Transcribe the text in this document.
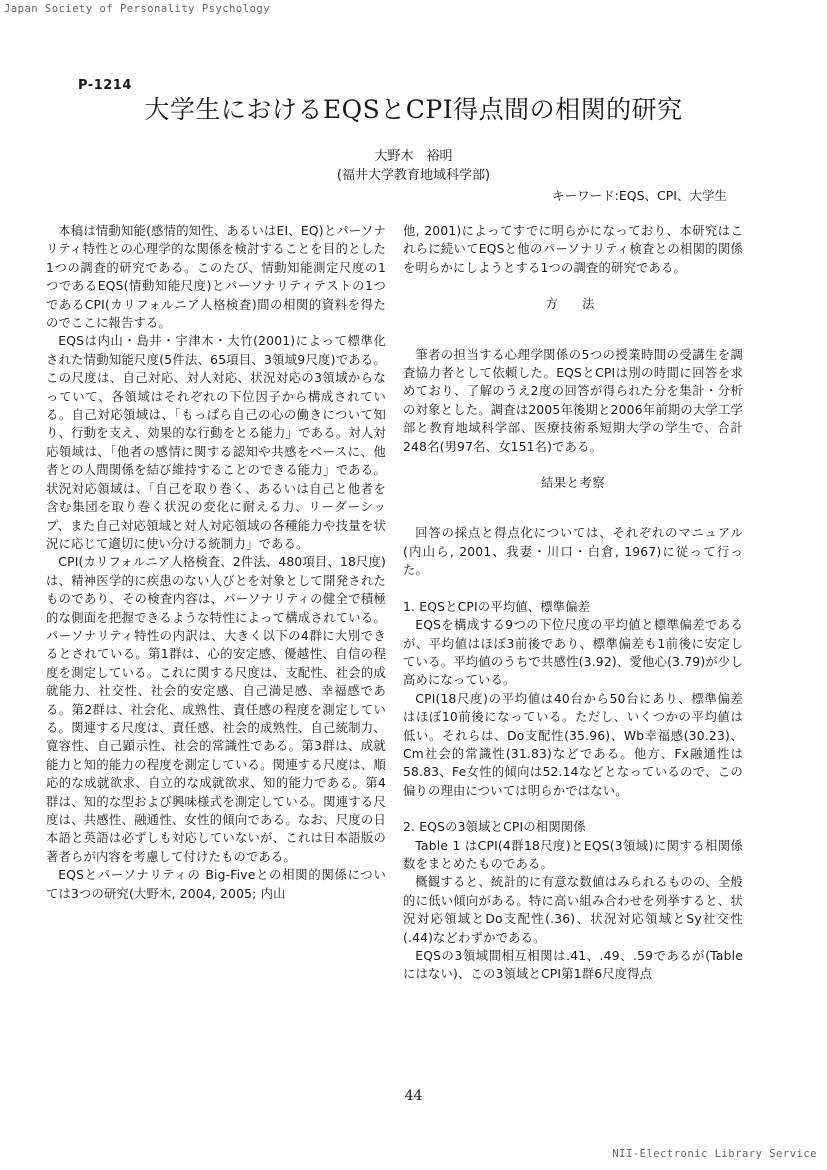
Japan Society of Personality Psychology
P-1214
大学生におけるEQSとCPI得点間の相関的研究
大野木　裕明
(福井大学教育地域科学部)
キーワード:EQS、CPI、大学生

本稿は情動知能(感情的知性、あるいはEI、EQ)とパーソナリティ特性との心理学的な関係を検討することを目的とした1つの調査的研究である。このたび、情動知能測定尺度の1つであるEQS(情動知能尺度)とパーソナリティテストの1つであるCPI(カリフォルニア人格検査)間の相関的資料を得たのでここに報告する。

EQSは内山・島井・宇津木・大竹(2001)によって標準化された情動知能尺度(5件法、65項目、3領域9尺度)である。この尺度は、自己対応、対人対応、状況対応の3領域からなっていて、各領域はそれぞれの下位因子から構成されている。自己対応領域は、「もっぱら自己の心の働きについて知り、行動を支え、効果的な行動をとる能力」である。対人対応領域は、「他者の感情に関する認知や共感をベースに、他者との人間関係を結び維持することのできる能力」である。状況対応領域は、「自己を取り巻く、あるいは自己と他者を含む集団を取り巻く状況の変化に耐える力、リーダーシップ、また自己対応領域と対人対応領域の各種能力や技量を状況に応じて適切に使い分ける統制力」である。

CPI(カリフォルニア人格検査、2件法、480項目、18尺度)は、精神医学的に疾患のない人びとを対象として開発されたものであり、その検査内容は、パーソナリティの健全で積極的な側面を把握できるような特性によって構成されている。パーソナリティ特性の内訳は、大きく以下の4群に大別できるとされている。第1群は、心的安定感、優越性、自信の程度を測定している。これに関する尺度は、支配性、社会的成就能力、社交性、社会的安定感、自己満足感、幸福感である。第2群は、社会化、成熟性、責任感の程度を測定している。関連する尺度は、責任感、社会的成熟性、自己統制力、寛容性、自己顕示性、社会的常識性である。第3群は、成就能力と知的能力の程度を測定している。関連する尺度は、順応的な成就欲求、自立的な成就欲求、知的能力である。第4群は、知的な型および興味様式を測定している。関連する尺度は、共感性、融通性、女性的傾向である。なお、尺度の日本語と英語は必ずしも対応していないが、これは日本語版の著者らが内容を考慮して付けたものである。

EQSとパーソナリティの Big-Fiveとの相関的関係については3つの研究(大野木, 2004, 2005; 内山

他, 2001)によってすでに明らかになっており、本研究はこれらに続いてEQSと他のパーソナリティ検査との相関的関係を明らかにしようとする1つの調査的研究である。

方　法

筆者の担当する心理学関係の5つの授業時間の受講生を調査協力者として依頼した。EQSとCPIは別の時間に回答を求めており、了解のうえ2度の回答が得られた分を集計・分析の対象とした。調査は2005年後期と2006年前期の大学工学部と教育地域科学部、医療技術系短期大学の学生で、合計248名(男97名、女151名)である。

結果と考察

回答の採点と得点化については、それぞれのマニュアル(内山ら, 2001、我妻・川口・白倉, 1967)に従って行った。

1. EQSとCPIの平均値、標準偏差

EQSを構成する9つの下位尺度の平均値と標準偏差であるが、平均値はほぼ3前後であり、標準偏差も1前後に安定している。平均値のうちで共感性(3.92)、愛他心(3.79)が少し高めになっている。

CPI(18尺度)の平均値は40台から50台にあり、標準偏差はほぼ10前後になっている。ただし、いくつかの平均値は低い。それらは、Do支配性(35.96)、Wb幸福感(30.23)、Cm社会的常識性(31.83)などである。他方、Fx融通性は58.83、Fe女性的傾向は52.14などとなっているので、この偏りの理由については明らかではない。

2. EQSの3領域とCPIの相関関係

Table 1 はCPI(4群18尺度)とEQS(3領域)に関する相関係数をまとめたものである。

概観すると、統計的に有意な数値はみられるものの、全般的に低い傾向がある。特に高い組み合わせを列挙すると、状況対応領域とDo支配性(.36)、状況対応領域とSy社交性(.44)などわずかである。

EQSの3領域間相互相関は.41、.49、.59であるが(Tableにはない)、この3領域とCPI第1群6尺度得点

44
NII-Electronic Library Service
